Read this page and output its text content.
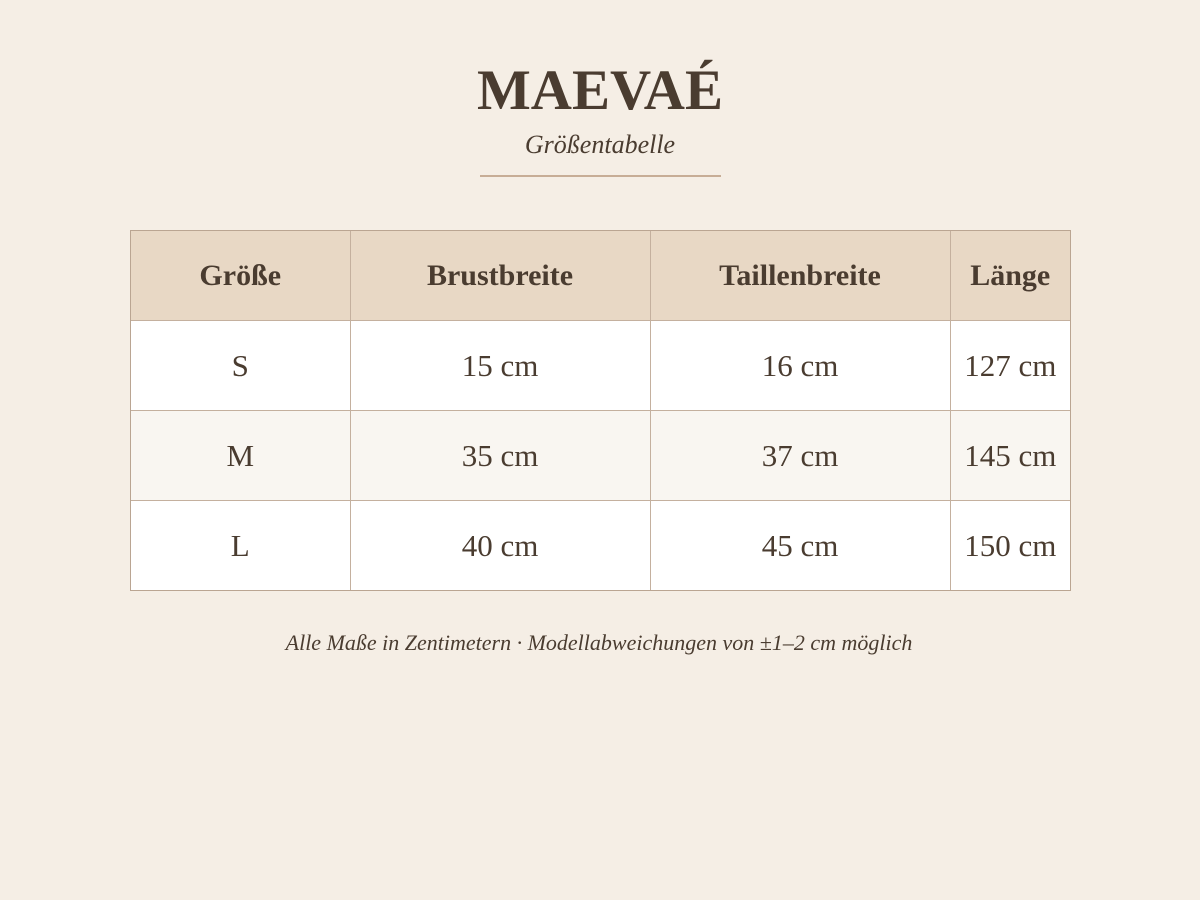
MAEVAÉ
Größentabelle
Größe	Brustbreite	Taillenbreite	Länge
S	15 cm	16 cm	127 cm
M	35 cm	37 cm	145 cm
L	40 cm	45 cm	150 cm
Alle Maße in Zentimetern · Modellabweichungen von ±1–2 cm möglich
